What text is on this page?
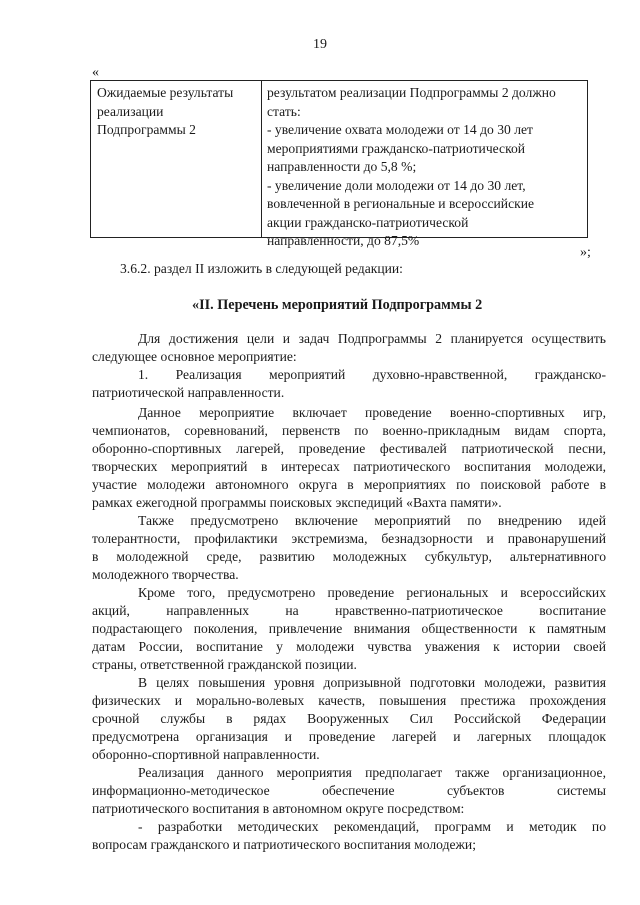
19
«
Ожидаемые результаты
реализации
Подпрограммы 2
результатом реализации Подпрограммы 2 должно
стать:
- увеличение охвата молодежи от 14 до 30 лет
мероприятиями гражданско-патриотической
направленности до 5,8 %;
- увеличение доли молодежи от 14 до 30 лет,
вовлеченной в региональные и всероссийские
акции гражданско-патриотической
направленности, до 87,5%
»;
3.6.2. раздел II изложить в следующей редакции:
«II. Перечень мероприятий Подпрограммы 2
Для достижения цели и задач Подпрограммы 2 планируется осуществить
следующее основное мероприятие:
1. Реализация мероприятий духовно-нравственной, гражданско-
патриотической направленности.
Данное мероприятие включает проведение военно-спортивных игр,
чемпионатов, соревнований, первенств по военно-прикладным видам спорта,
оборонно-спортивных лагерей, проведение фестивалей патриотической песни,
творческих мероприятий в интересах патриотического воспитания молодежи,
участие молодежи автономного округа в мероприятиях по поисковой работе в
рамках ежегодной программы поисковых экспедиций «Вахта памяти».
Также предусмотрено включение мероприятий по внедрению идей
толерантности, профилактики экстремизма, безнадзорности и правонарушений
в молодежной среде, развитию молодежных субкультур, альтернативного
молодежного творчества.
Кроме того, предусмотрено проведение региональных и всероссийских
акций, направленных на нравственно-патриотическое воспитание
подрастающего поколения, привлечение внимания общественности к памятным
датам России, воспитание у молодежи чувства уважения к истории своей
страны, ответственной гражданской позиции.
В целях повышения уровня допризывной подготовки молодежи, развития
физических и морально-волевых качеств, повышения престижа прохождения
срочной службы в рядах Вооруженных Сил Российской Федерации
предусмотрена организация и проведение лагерей и лагерных площадок
оборонно-спортивной направленности.
Реализация данного мероприятия предполагает также организационное,
информационно-методическое обеспечение субъектов системы
патриотического воспитания в автономном округе посредством:
- разработки методических рекомендаций, программ и методик по
вопросам гражданского и патриотического воспитания молодежи;
